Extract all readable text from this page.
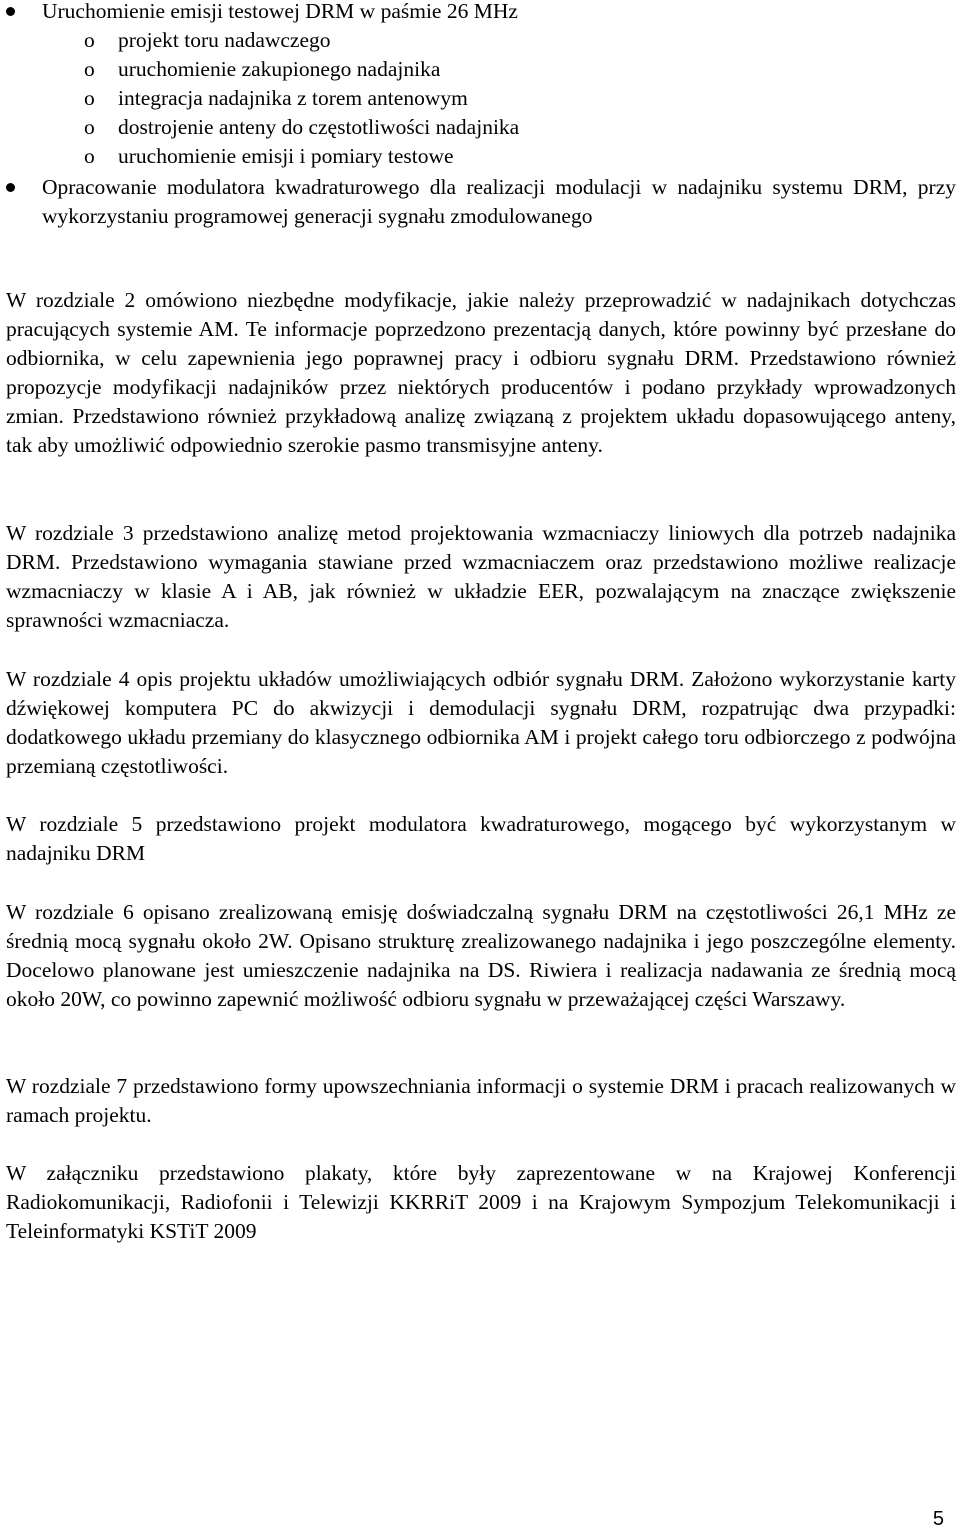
Uruchomienie emisji testowej DRM w paśmie 26 MHz
o projekt toru nadawczego
o uruchomienie zakupionego nadajnika
o integracja nadajnika z torem antenowym
o dostrojenie anteny do częstotliwości nadajnika
o uruchomienie emisji i pomiary testowe
Opracowanie modulatora kwadraturowego dla realizacji modulacji w nadajniku systemu DRM, przy wykorzystaniu programowej generacji sygnału zmodulowanego

W rozdziale 2 omówiono niezbędne modyfikacje, jakie należy przeprowadzić w nadajnikach dotychczas pracujących systemie AM. Te informacje poprzedzono prezentacją danych, które powinny być przesłane do odbiornika, w celu zapewnienia jego poprawnej pracy i odbioru sygnału DRM. Przedstawiono również propozycje modyfikacji nadajników przez niektórych producentów i podano przykłady wprowadzonych zmian. Przedstawiono również przykładową analizę związaną z projektem układu dopasowującego anteny, tak aby umożliwić odpowiednio szerokie pasmo transmisyjne anteny.

W rozdziale 3 przedstawiono analizę metod projektowania wzmacniaczy liniowych dla potrzeb nadajnika DRM. Przedstawiono wymagania stawiane przed wzmacniaczem oraz przedstawiono możliwe realizacje wzmacniaczy w klasie A i AB, jak również w układzie EER, pozwalającym na znaczące zwiększenie sprawności wzmacniacza.

W rozdziale 4 opis projektu układów umożliwiających odbiór sygnału DRM. Założono wykorzystanie karty dźwiękowej komputera PC do akwizycji i demodulacji sygnału DRM, rozpatrując dwa przypadki: dodatkowego układu przemiany do klasycznego odbiornika AM i projekt całego toru odbiorczego z podwójna przemianą częstotliwości.

W rozdziale 5 przedstawiono projekt modulatora kwadraturowego, mogącego być wykorzystanym w nadajniku DRM

W rozdziale 6 opisano zrealizowaną emisję doświadczalną sygnału DRM na częstotliwości 26,1 MHz ze średnią mocą sygnału około 2W. Opisano strukturę zrealizowanego nadajnika i jego poszczególne elementy. Docelowo planowane jest umieszczenie nadajnika na DS. Riwiera i realizacja nadawania ze średnią mocą około 20W, co powinno zapewnić możliwość odbioru sygnału w przeważającej części Warszawy.

W rozdziale 7 przedstawiono formy upowszechniania informacji o systemie DRM i pracach realizowanych w ramach projektu.

W załączniku przedstawiono plakaty, które były zaprezentowane w na Krajowej Konferencji Radiokomunikacji, Radiofonii i Telewizji KKRRiT 2009 i na Krajowym Sympozjum Telekomunikacji i Teleinformatyki KSTiT 2009

5
